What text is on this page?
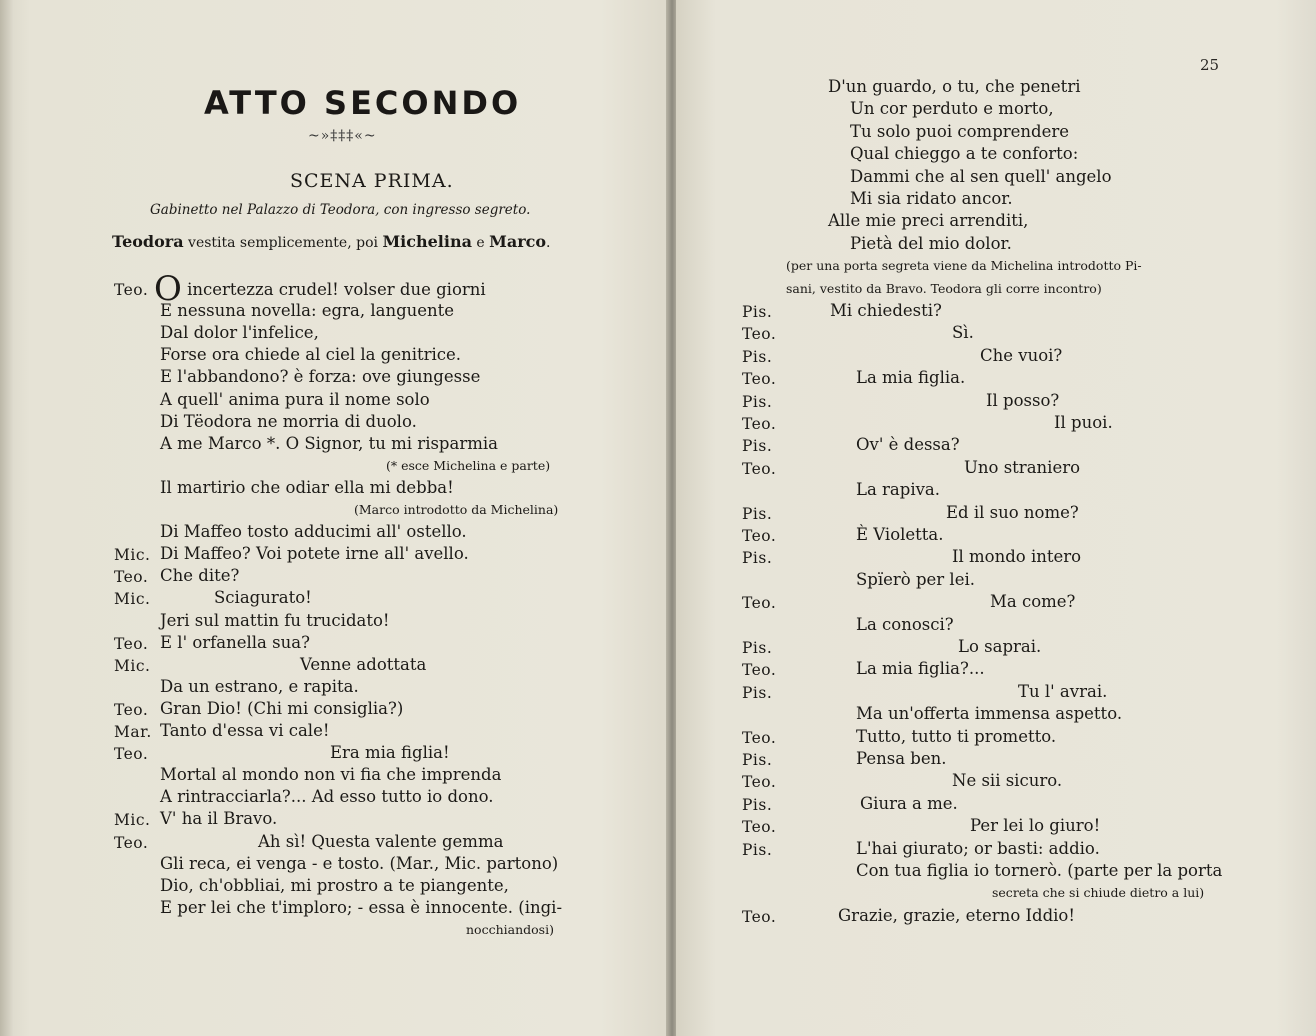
ATTO SECONDO
~»‡‡‡«~
SCENA PRIMA.
Gabinetto nel Palazzo di Teodora, con ingresso segreto.
Teodora vestita semplicemente, poi Michelina e Marco.
Teo. O incertezza crudel! volser due giorni
E nessuna novella: egra, languente
Dal dolor l'infelice,
Forse ora chiede al ciel la genitrice.
E l'abbandono? è forza: ove giungesse
A quell' anima pura il nome solo
Di Tëodora ne morria di duolo.
A me Marco *. O Signor, tu mi risparmia
(* esce Michelina e parte)
Il martirio che odiar ella mi debba!
(Marco introdotto da Michelina)
Di Maffeo tosto adducimi all' ostello.
Mic. Di Maffeo? Voi potete irne all' avello.
Teo. Che dite?
Mic.	Sciagurato!
Jeri sul mattin fu trucidato!
Teo. E l' orfanella sua?
Mic.	Venne adottata
Da un estrano, e rapita.
Teo. Gran Dio! (Chi mi consiglia?)
Mar. Tanto d'essa vi cale!
Teo.	Era mia figlia!
Mortal al mondo non vi fia che imprenda
A rintracciarla?... Ad esso tutto io dono.
Mic. V' ha il Bravo.
Teo.	Ah sì! Questa valente gemma
Gli reca, ei venga - e tosto. (Mar., Mic. partono)
Dio, ch'obbliai, mi prostro a te piangente,
E per lei che t'imploro; - essa è innocente. (ingi-
nocchiandosi)
25
D'un guardo, o tu, che penetri
Un cor perduto e morto,
Tu solo puoi comprendere
Qual chieggo a te conforto:
Dammi che al sen quell' angelo
Mi sia ridato ancor.
Alle mie preci arrenditi,
Pietà del mio dolor.
(per una porta segreta viene da Michelina introdotto Pi-
sani, vestito da Bravo. Teodora gli corre incontro)
Pis.	Mi chiedesti?
Teo.	Sì.
Pis.	Che vuoi?
Teo.	La mia figlia.
Pis.	Il posso?
Teo.	Il puoi.
Pis.	Ov' è dessa?
Teo.	Uno straniero
La rapiva.
Pis.	Ed il suo nome?
Teo.	È Violetta.
Pis.	Il mondo intero
Spïerò per lei.
Teo.	Ma come?
La conosci?
Pis.	Lo saprai.
Teo.	La mia figlia?...
Pis.	Tu l' avrai.
Ma un'offerta immensa aspetto.
Teo.	Tutto, tutto ti prometto.
Pis.	Pensa ben.
Teo.	Ne sii sicuro.
Pis.	Giura a me.
Teo.	Per lei lo giuro!
Pis.	L'hai giurato; or basti: addio.
Con tua figlia io tornerò. (parte per la porta
secreta che si chiude dietro a lui)
Teo.	Grazie, grazie, eterno Iddio!
